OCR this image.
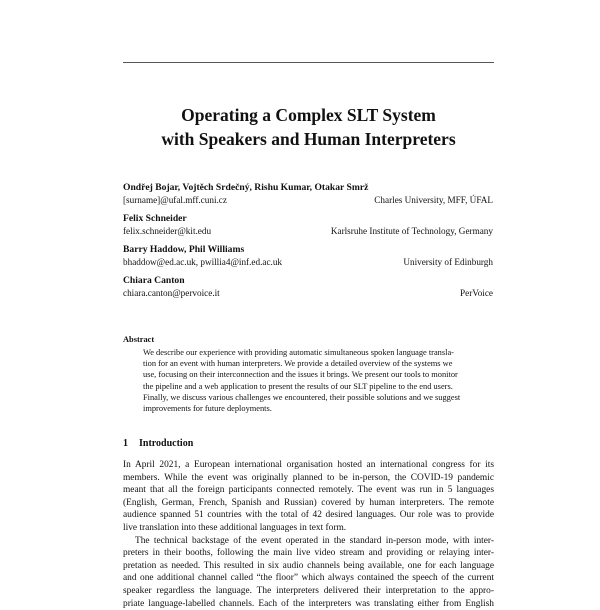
Operating a Complex SLT System
with Speakers and Human Interpreters
Ondřej Bojar, Vojtěch Srdečný, Rishu Kumar, Otakar Smrž
[surname]@ufal.mff.cuni.cz	Charles University, MFF, ÚFAL
Felix Schneider
felix.schneider@kit.edu	Karlsruhe Institute of Technology, Germany
Barry Haddow, Phil Williams
bhaddow@ed.ac.uk, pwillia4@inf.ed.ac.uk	University of Edinburgh
Chiara Canton
chiara.canton@pervoice.it	PerVoice
Abstract
We describe our experience with providing automatic simultaneous spoken language transla-
tion for an event with human interpreters. We provide a detailed overview of the systems we
use, focusing on their interconnection and the issues it brings. We present our tools to monitor
the pipeline and a web application to present the results of our SLT pipeline to the end users.
Finally, we discuss various challenges we encountered, their possible solutions and we suggest
improvements for future deployments.
1 Introduction
In April 2021, a European international organisation hosted an international congress for its
members. While the event was originally planned to be in-person, the COVID-19 pandemic
meant that all the foreign participants connected remotely. The event was run in 5 languages
(English, German, French, Spanish and Russian) covered by human interpreters. The remote
audience spanned 51 countries with the total of 42 desired languages. Our role was to provide
live translation into these additional languages in text form.
The technical backstage of the event operated in the standard in-person mode, with inter-
preters in their booths, following the main live video stream and providing or relaying inter-
pretation as needed. This resulted in six audio channels being available, one for each language
and one additional channel called “the floor” which always contained the speech of the current
speaker regardless the language. The interpreters delivered their interpretation to the appro-
priate language-labelled channels. Each of the interpreters was translating either from English
